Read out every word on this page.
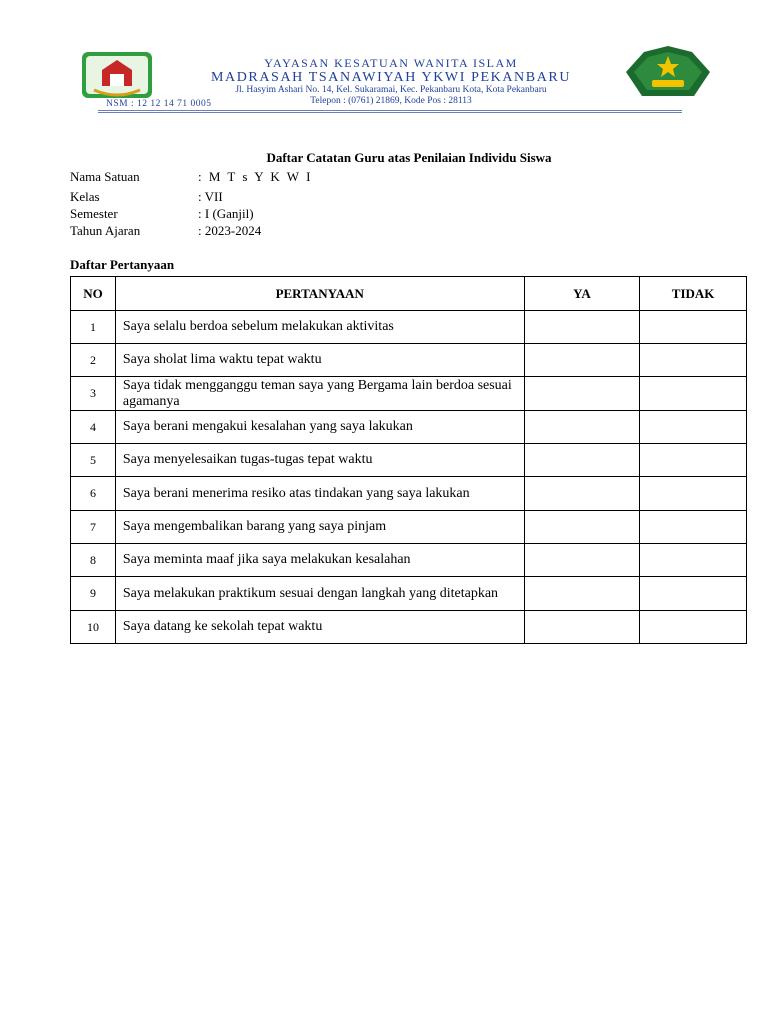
YAYASAN KESATUAN WANITA ISLAM
MADRASAH TSANAWIYAH YKWI PEKANBARU
Jl. Hasyim Ashari No. 14, Kel. Sukaramai, Kec. Pekanbaru Kota, Kota Pekanbaru
Telepon : (0761) 21869, Kode Pos : 28113
NSM : 12 12 14 71 0005
Daftar Catatan Guru atas Penilaian Individu Siswa
Nama Satuan	: M T s Y K W I
Kelas	: VII
Semester	: I (Ganjil)
Tahun Ajaran	: 2023-2024
Daftar Pertanyaan
NO	PERTANYAAN	YA	TIDAK
1	Saya selalu berdoa sebelum melakukan aktivitas		
2	Saya sholat lima waktu tepat waktu		
3	Saya tidak mengganggu teman saya yang Bergama lain berdoa sesuai agamanya		
4	Saya berani mengakui kesalahan yang saya lakukan		
5	Saya menyelesaikan tugas-tugas tepat waktu		
6	Saya berani menerima resiko atas tindakan yang saya lakukan		
7	Saya mengembalikan barang yang saya pinjam		
8	Saya meminta maaf jika saya melakukan kesalahan		
9	Saya melakukan praktikum sesuai dengan langkah yang ditetapkan		
10	Saya datang ke sekolah tepat waktu		
